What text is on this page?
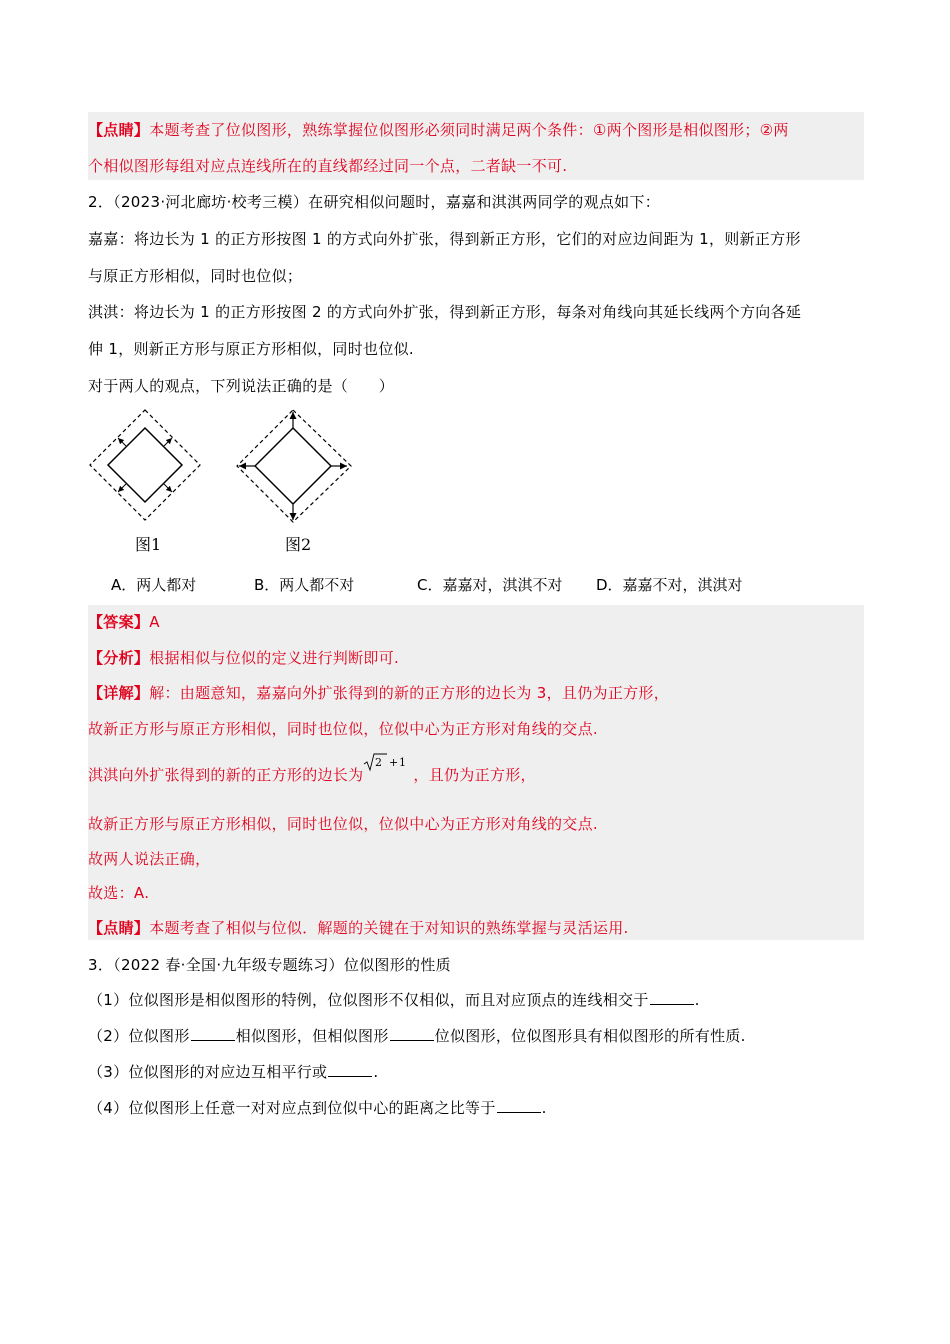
【点睛】本题考查了位似图形，熟练掌握位似图形必须同时满足两个条件：①两个图形是相似图形；②两
个相似图形每组对应点连线所在的直线都经过同一个点，二者缺一不可.
2．（2023·河北廊坊·校考三模）在研究相似问题时，嘉嘉和淇淇两同学的观点如下：
嘉嘉：将边长为 1 的正方形按图 1 的方式向外扩张，得到新正方形，它们的对应边间距为 1，则新正方形
与原正方形相似，同时也位似；
淇淇：将边长为 1 的正方形按图 2 的方式向外扩张，得到新正方形，每条对角线向其延长线两个方向各延
伸 1，则新正方形与原正方形相似，同时也位似.
对于两人的观点，下列说法正确的是（　　）
图1	图2
A．两人都对	B．两人都不对	C．嘉嘉对，淇淇不对 D．嘉嘉不对，淇淇对
【答案】A
【分析】根据相似与位似的定义进行判断即可.
【详解】解：由题意知，嘉嘉向外扩张得到的新的正方形的边长为 3，且仍为正方形，
故新正方形与原正方形相似，同时也位似，位似中心为正方形对角线的交点.
淇淇向外扩张得到的新的正方形的边长为
2 + 1
，且仍为正方形，
故新正方形与原正方形相似，同时也位似，位似中心为正方形对角线的交点.
故两人说法正确，
故选：A.
【点睛】本题考查了相似与位似．解题的关键在于对知识的熟练掌握与灵活运用.
3．（2022 春·全国·九年级专题练习）位似图形的性质
（1）位似图形是相似图形的特例，位似图形不仅相似，而且对应顶点的连线相交于	.
（2）位似图形	相似图形，但相似图形	位似图形，位似图形具有相似图形的所有性质.
（3）位似图形的对应边互相平行或	.
（4）位似图形上任意一对对应点到位似中心的距离之比等于	.
